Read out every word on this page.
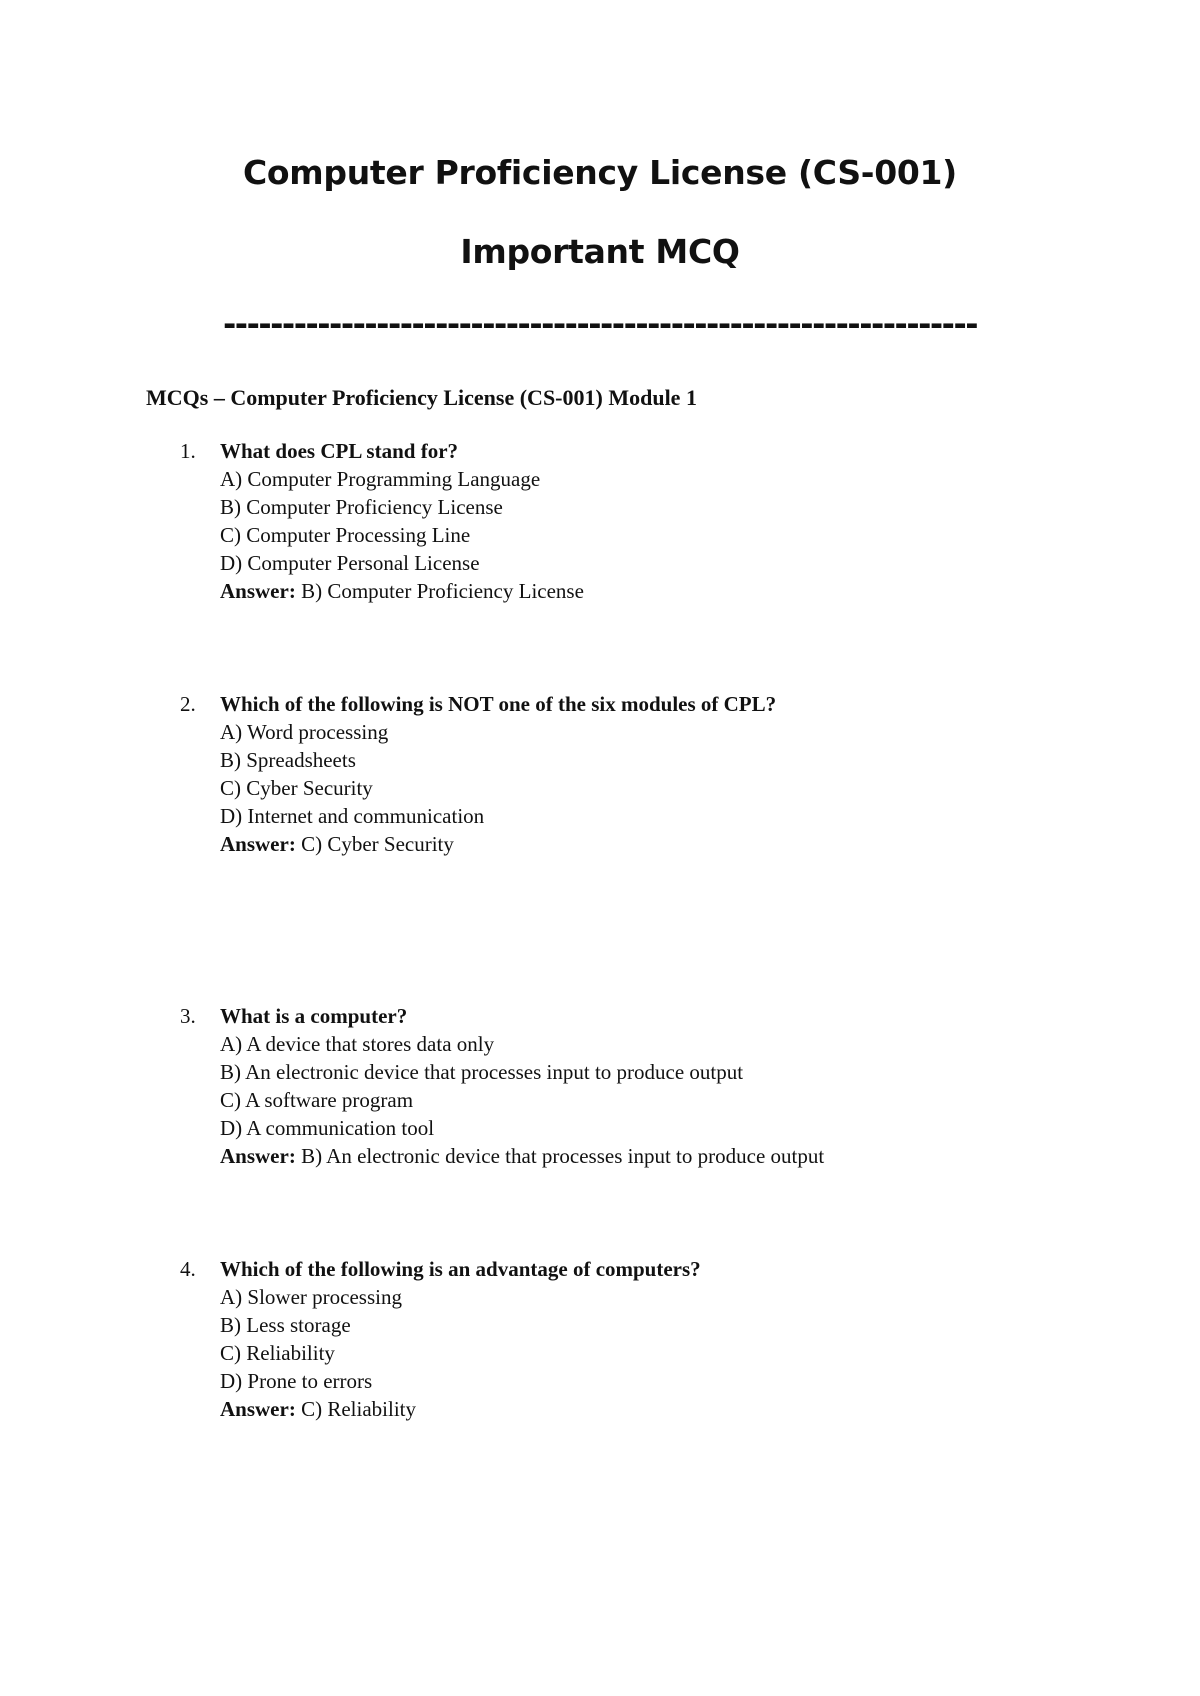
Computer Proficiency License (CS-001)
Important MCQ
----------------------------------------------------------------
MCQs – Computer Proficiency License (CS-001) Module 1
1.	What does CPL stand for?
A) Computer Programming Language
B) Computer Proficiency License
C) Computer Processing Line
D) Computer Personal License
Answer: B) Computer Proficiency License
2.	Which of the following is NOT one of the six modules of CPL?
A) Word processing
B) Spreadsheets
C) Cyber Security
D) Internet and communication
Answer: C) Cyber Security
3.	What is a computer?
A) A device that stores data only
B) An electronic device that processes input to produce output
C) A software program
D) A communication tool
Answer: B) An electronic device that processes input to produce output
4.	Which of the following is an advantage of computers?
A) Slower processing
B) Less storage
C) Reliability
D) Prone to errors
Answer: C) Reliability
